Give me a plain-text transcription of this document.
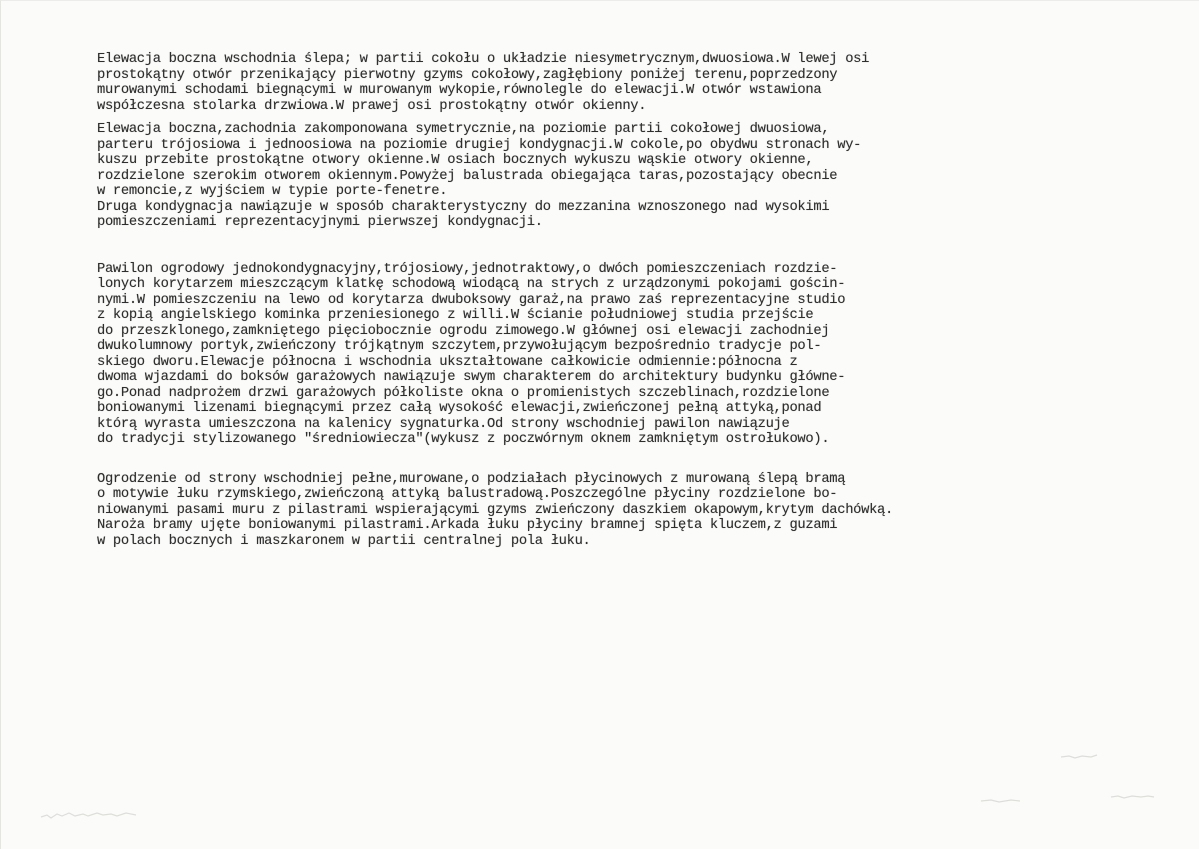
Elewacja boczna wschodnia ślepa; w partii cokołu o układzie niesymetrycznym,dwuosiowa.W lewej osi
prostokątny otwór przenikający pierwotny gzyms cokołowy,zagłębiony poniżej terenu,poprzedzony
murowanymi schodami biegnącymi w murowanym wykopie,równolegle do elewacji.W otwór wstawiona
współczesna stolarka drzwiowa.W prawej osi prostokątny otwór okienny.
Elewacja boczna,zachodnia zakomponowana symetrycznie,na poziomie partii cokołowej dwuosiowa,
parteru trójosiowa i jednoosiowa na poziomie drugiej kondygnacji.W cokole,po obydwu stronach wy-
kuszu przebite prostokątne otwory okienne.W osiach bocznych wykuszu wąskie otwory okienne,
rozdzielone szerokim otworem okiennym.Powyżej balustrada obiegająca taras,pozostający obecnie
w remoncie,z wyjściem w typie porte-fenetre.
Druga kondygnacja nawiązuje w sposób charakterystyczny do mezzanina wznoszonego nad wysokimi
pomieszczeniami reprezentacyjnymi pierwszej kondygnacji.
Pawilon ogrodowy jednokondygnacyjny,trójosiowy,jednotraktowy,o dwóch pomieszczeniach rozdzie-
lonych korytarzem mieszczącym klatkę schodową wiodącą na strych z urządzonymi pokojami gościn-
nymi.W pomieszczeniu na lewo od korytarza dwuboksowy garaż,na prawo zaś reprezentacyjne studio
z kopią angielskiego kominka przeniesionego z willi.W ścianie południowej studia przejście
do przeszklonego,zamkniętego pięciobocznie ogrodu zimowego.W głównej osi elewacji zachodniej
dwukolumnowy portyk,zwieńczony trójkątnym szczytem,przywołującym bezpośrednio tradycje pol-
skiego dworu.Elewacje północna i wschodnia ukształtowane całkowicie odmiennie:północna z
dwoma wjazdami do boksów garażowych nawiązuje swym charakterem do architektury budynku główne-
go.Ponad nadprożem drzwi garażowych półkoliste okna o promienistych szczeblinach,rozdzielone
boniowanymi lizenami biegnącymi przez całą wysokość elewacji,zwieńczonej pełną attyką,ponad
którą wyrasta umieszczona na kalenicy sygnaturka.Od strony wschodniej pawilon nawiązuje
do tradycji stylizowanego "średniowiecza"(wykusz z poczwórnym oknem zamkniętym ostrołukowo).
Ogrodzenie od strony wschodniej pełne,murowane,o podziałach płycinowych z murowaną ślepą bramą
o motywie łuku rzymskiego,zwieńczoną attyką balustradową.Poszczególne płyciny rozdzielone bo-
niowanymi pasami muru z pilastrami wspierającymi gzyms zwieńczony daszkiem okapowym,krytym dachówką.
Naroża bramy ujęte boniowanymi pilastrami.Arkada łuku płyciny bramnej spięta kluczem,z guzami
w polach bocznych i maszkaronem w partii centralnej pola łuku.
